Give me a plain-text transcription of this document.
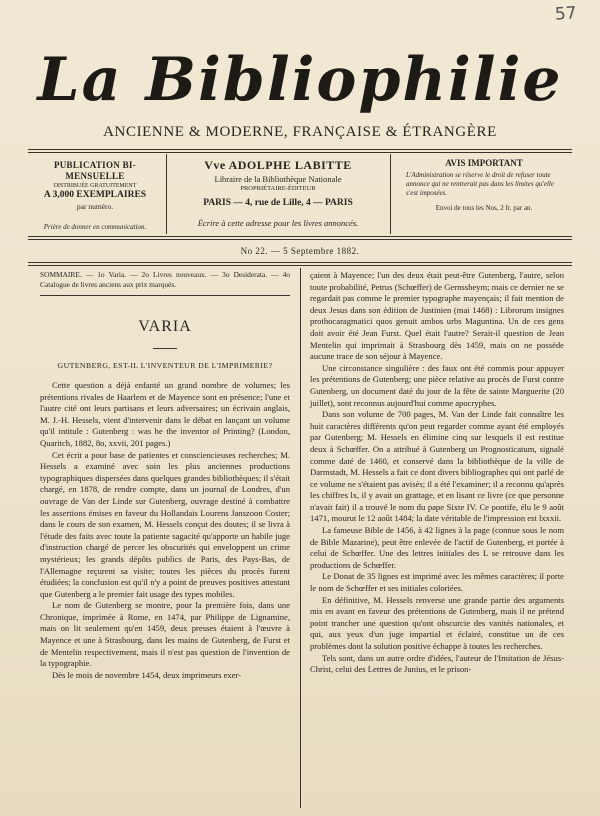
57
La Bibliophilie
ANCIENNE & MODERNE, FRANÇAISE & ÉTRANGÈRE
PUBLICATION BI-MENSUELLE
DISTRIBUÉE GRATUITEMENT
A 3,000 EXEMPLAIRES
par numéro.
Prière de donner en communication.
Vve ADOLPHE LABITTE
Libraire de la Bibliothèque Nationale
PROPRIÉTAIRE-ÉDITEUR
PARIS — 4, rue de Lille, 4 — PARIS
Écrire à cette adresse pour les livres annoncés.
AVIS IMPORTANT
L'Administration se réserve le droit de refuser toute annonce qui ne rentrerait pas dans les limites qu'elle s'est imposées.
Envoi de tous les Nos, 2 fr. par an.
No 22. — 5 Septembre 1882.
SOMMAIRE. — 1o Varia. — 2o Livres nouveaux. — 3o Desiderata. — 4o Catalogue de livres anciens aux prix marqués.
VARIA
GUTENBERG, EST-IL L'INVENTEUR DE L'IMPRIMERIE?

Cette question a déjà enfanté un grand nombre de volumes; les prétentions rivales de Haarlem et de Mayence sont en présence; l'une et l'autre cité ont leurs partisans et leurs adversaires; un écrivain anglais, M. J.-H. Hessels, vient d'intervenir dans le débat en lançant un volume qu'il intitule : Gutenberg : was he the inventor of Printing? (London, Quaritch, 1882, 8o, xxvii, 201 pages.)

Cet écrit a pour base de patientes et consciencieuses recherches; M. Hessels a examiné avec soin les plus anciennes productions typographiques dispersées dans quelques grandes bibliothèques; il s'était chargé, en 1878, de rendre compte, dans un journal de Londres, d'un ouvrage de Van der Linde sur Gutenberg, ouvrage destiné à combattre les assertions émises en faveur du Hollandais Lourens Janszoon Coster; dans le cours de son examen, M. Hessels conçut des doutes; il se livra à l'étude des faits avec toute la patiente sagacité qu'apporte un habile juge d'instruction chargé de percer les obscurités qui enveloppent un crime mystérieux; les grands dépôts publics de Paris, des Pays-Bas, de l'Allemagne reçurent sa visite; toutes les pièces du procès furent étudiées; la conclusion est qu'il n'y a point de preuves positives attestant que Gutenberg a le premier fait usage des types mobiles.

Le nom de Gutenberg se montre, pour la première fois, dans une Chronique, imprimée à Rome, en 1474, par Philippe de Lignamine, mais on lit seulement qu'en 1459, deux presses étaient à l'œuvre à Mayence et une à Strasbourg, dans les mains de Gutenberg, de Furst et de Mentelin respectivement, mais il n'est pas question de l'invention de la typographie.

Dès le mois de novembre 1454, deux imprimeurs exer-

çaient à Mayence; l'un des deux était peut-être Gutenberg, l'autre, selon toute probabilité, Petrus (Schœffer) de Gernssheym; mais ce dernier ne se regardait pas comme le premier typographe mayençais; il fait mention de deux Jesus dans son édition de Justinien (mai 1468) : Librorum insignes prothocaragmatici quos genuit ambos urbs Maguntina. Un de ces gens doit avoir été Jean Furst. Quel était l'autre? Serait-il question de Jean Mentelin qui imprimait à Strasbourg dès 1459, mais on ne possède aucune trace de son séjour à Mayence.

Une circonstance singulière : des faux ont été commis pour appuyer les prétentions de Gutenberg; une pièce relative au procès de Furst contre Gutenberg, un document daté du jour de la fête de sainte Marguerite (20 juillet), sont reconnus aujourd'hui comme apocryphes.

Dans son volume de 700 pages, M. Van der Linde fait connaître les huit caractères différents qu'on peut regarder comme ayant été employés par Gutenberg; M. Hessels en élimine cinq sur lesquels il est restitue deux à Schœffer. On a attribué à Gutenberg un Prognosticatum, signalé comme daté de 1460, et conservé dans la bibliothèque de la ville de Darmstadt, M. Hessels a fait ce dont divers bibliographes qui ont parlé de ce volume ne s'étaient pas avisés; il a été l'examiner; il a reconnu qu'après les chiffres lx, il y avait un grattage, et en lisant ce livre (ce que personne n'avait fait) il a trouvé le nom du pape Sixte IV. Ce pontife, élu le 9 août 1471, mourut le 12 août 1484; la date véritable de l'impression est lxxxii.

La fameuse Bible de 1456, à 42 lignes à la page (connue sous le nom de Bible Mazarine), peut être enlevée de l'actif de Gutenberg, et portée à celui de Schœffer. Une des lettres initiales des L se retrouve dans les productions de Schœffer.

Le Donat de 35 lignes est imprimé avec les mêmes caractères; il porte le nom de Schœffer et ses initiales coloriées.

En définitive, M. Hessels renverse une grande partie des arguments mis en avant en faveur des prétentions de Gutenberg, mais il ne prétend point trancher une question qu'ont obscurcie des vanités nationales, et qui, aux yeux d'un juge impartial et éclairé, constitue un de ces problèmes dont la solution positive échappe à toutes les recherches.

Tels sont, dans un autre ordre d'idées, l'auteur de l'Imitation de Jésus-Christ, celui des Lettres de Junius, et le prison-
